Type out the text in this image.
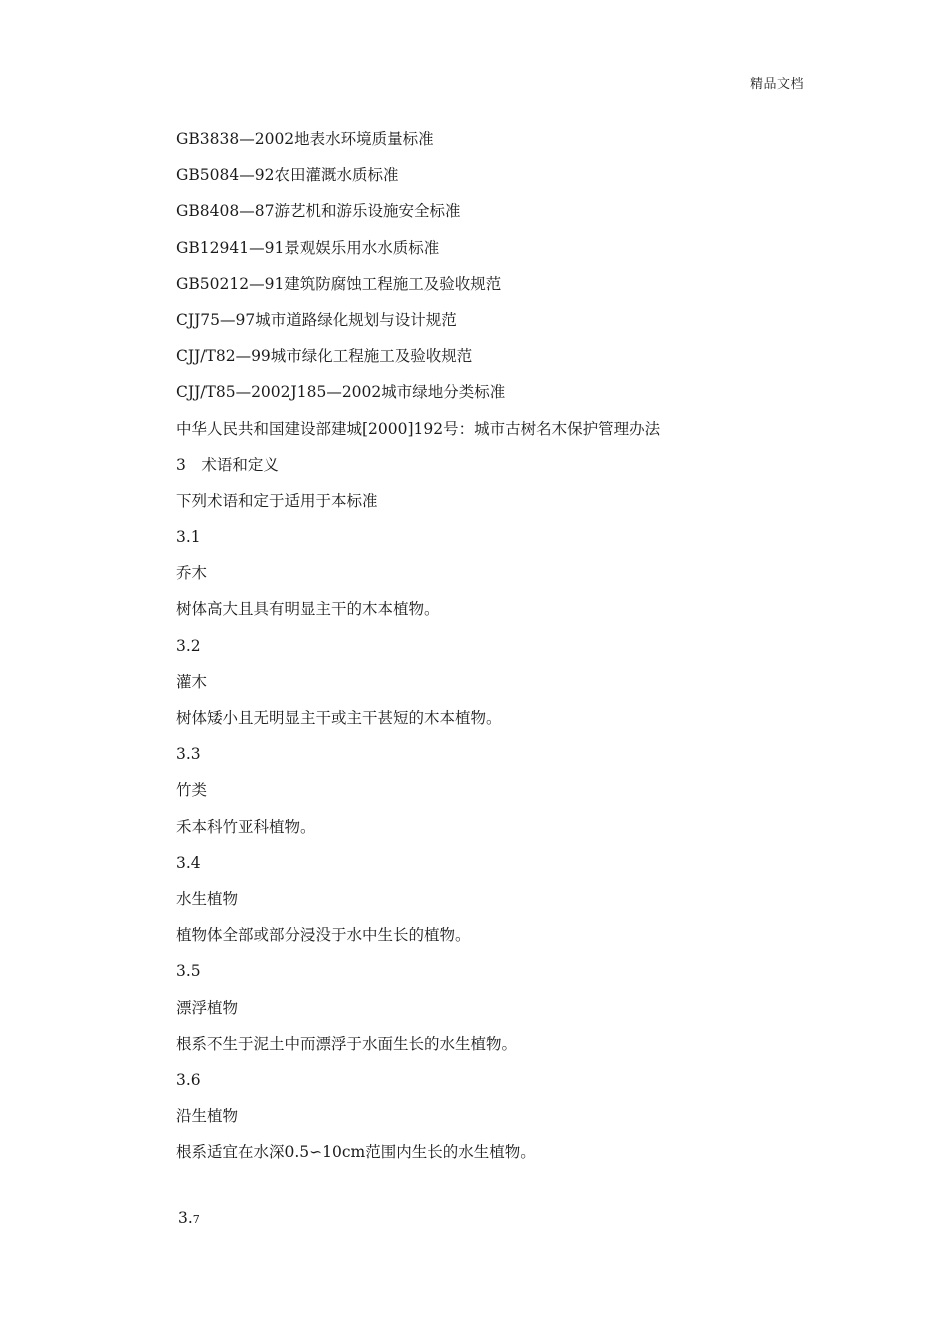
精品文档
GB3838—2002地表水环境质量标准
GB5084—92农田灌溉水质标准
GB8408—87游艺机和游乐设施安全标准
GB12941—91景观娱乐用水水质标准
GB50212—91建筑防腐蚀工程施工及验收规范
CJJ75—97城市道路绿化规划与设计规范
CJJ/T82—99城市绿化工程施工及验收规范
CJJ/T85—2002J185—2002城市绿地分类标准
中华人民共和国建设部建城[2000]192号：城市古树名木保护管理办法
3　术语和定义
下列术语和定于适用于本标准
3.1
乔木
树体高大且具有明显主干的木本植物。
3.2
灌木
树体矮小且无明显主干或主干甚短的木本植物。
3.3
竹类
禾本科竹亚科植物。
3.4
水生植物
植物体全部或部分浸没于水中生长的植物。
3.5
漂浮植物
根系不生于泥土中而漂浮于水面生长的水生植物。
3.6
沿生植物
根系适宜在水深0.5∽10cm范围内生长的水生植物。
3.7
